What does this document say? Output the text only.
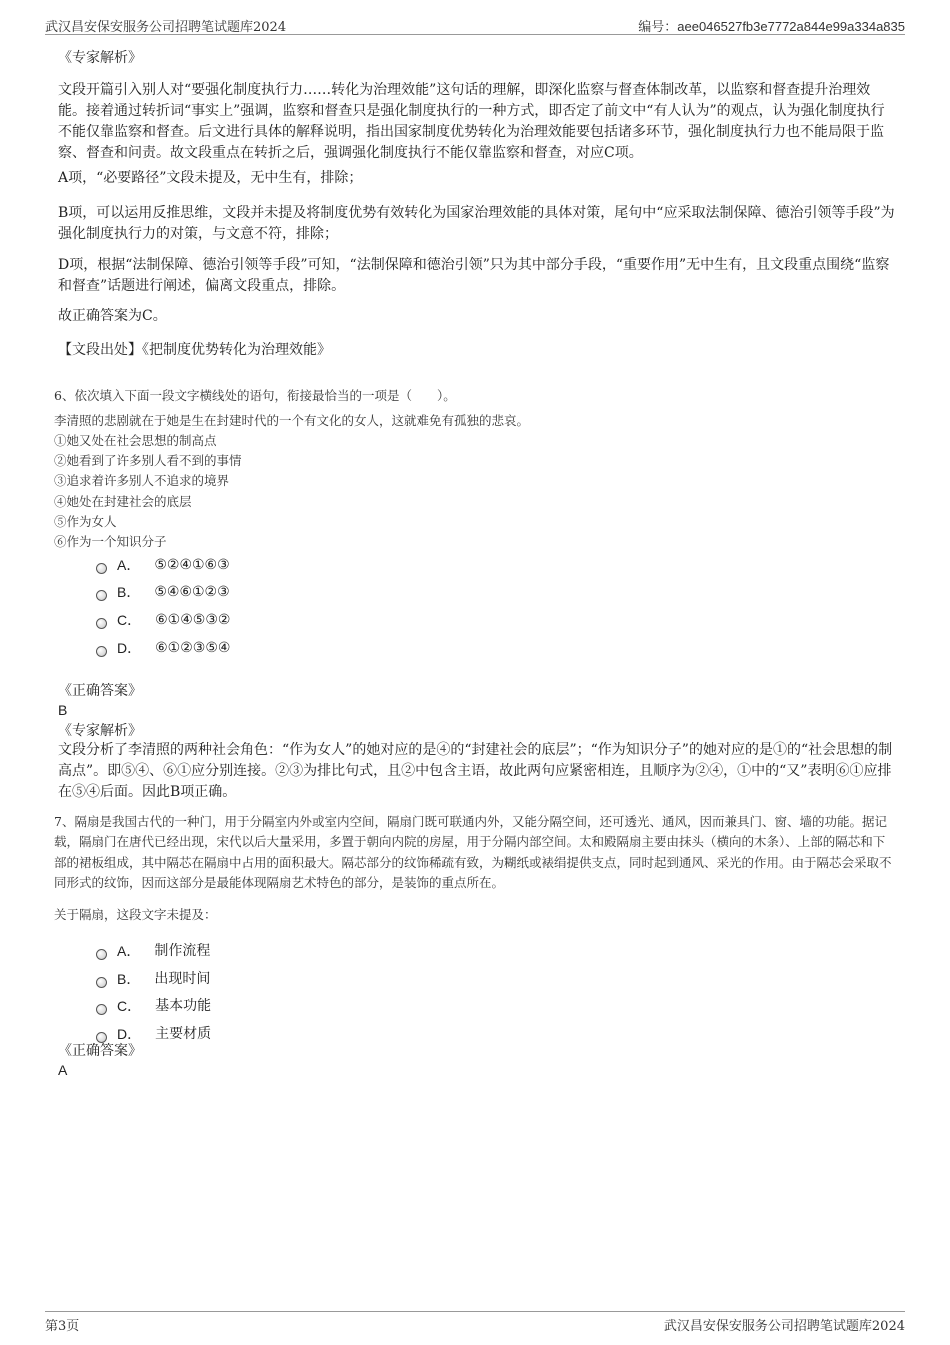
武汉昌安保安服务公司招聘笔试题库2024	编号：aee046527fb3e7772a844e99a334a835
《专家解析》
文段开篇引入别人对“要强化制度执行力……转化为治理效能”这句话的理解，即深化监察与督查体制改革，以监察和督查提升治理效能。接着通过转折词“事实上”强调，监察和督查只是强化制度执行的一种方式，即否定了前文中“有人认为”的观点，认为强化制度执行不能仅靠监察和督查。后文进行具体的解释说明，指出国家制度优势转化为治理效能要包括诸多环节，强化制度执行力也不能局限于监察、督查和问责。故文段重点在转折之后，强调强化制度执行不能仅靠监察和督查，对应C项。
A项，“必要路径”文段未提及，无中生有，排除；
B项，可以运用反推思维，文段并未提及将制度优势有效转化为国家治理效能的具体对策，尾句中“应采取法制保障、德治引领等手段”为强化制度执行力的对策，与文意不符，排除；
D项，根据“法制保障、德治引领等手段”可知，“法制保障和德治引领”只为其中部分手段，“重要作用”无中生有，且文段重点围绕“监察和督查”话题进行阐述，偏离文段重点，排除。
故正确答案为C。
【文段出处】《把制度优势转化为治理效能》
6、依次填入下面一段文字横线处的语句，衔接最恰当的一项是（　　）。
李清照的悲剧就在于她是生在封建时代的一个有文化的女人，这就难免有孤独的悲哀。
①她又处在社会思想的制高点
②她看到了许多别人看不到的事情
③追求着许多别人不追求的境界
④她处在封建社会的底层
⑤作为女人
⑥作为一个知识分子
A． ⑤②④①⑥③
B． ⑤④⑥①②③
C． ⑥①④⑤③②
D． ⑥①②③⑤④
《正确答案》
B
《专家解析》
文段分析了李清照的两种社会角色：“作为女人”的她对应的是④的“封建社会的底层”；“作为知识分子”的她对应的是①的“社会思想的制高点”。即⑤④、⑥①应分别连接。②③为排比句式，且②中包含主语，故此两句应紧密相连，且顺序为②④，①中的“又”表明⑥①应排在⑤④后面。因此B项正确。
7、隔扇是我国古代的一种门，用于分隔室内外或室内空间，隔扇门既可联通内外，又能分隔空间，还可透光、通风，因而兼具门、窗、墙的功能。据记载，隔扇门在唐代已经出现，宋代以后大量采用，多置于朝向内院的房屋，用于分隔内部空间。太和殿隔扇主要由抹头（横向的木条）、上部的隔芯和下部的裙板组成，其中隔芯在隔扇中占用的面积最大。隔芯部分的纹饰稀疏有致，为糊纸或裱绢提供支点，同时起到通风、采光的作用。由于隔芯会采取不同形式的纹饰，因而这部分是最能体现隔扇艺术特色的部分，是装饰的重点所在。
关于隔扇，这段文字未提及：
A． 制作流程
B． 出现时间
C． 基本功能
D． 主要材质
《正确答案》
A
第3页	武汉昌安保安服务公司招聘笔试题库2024
